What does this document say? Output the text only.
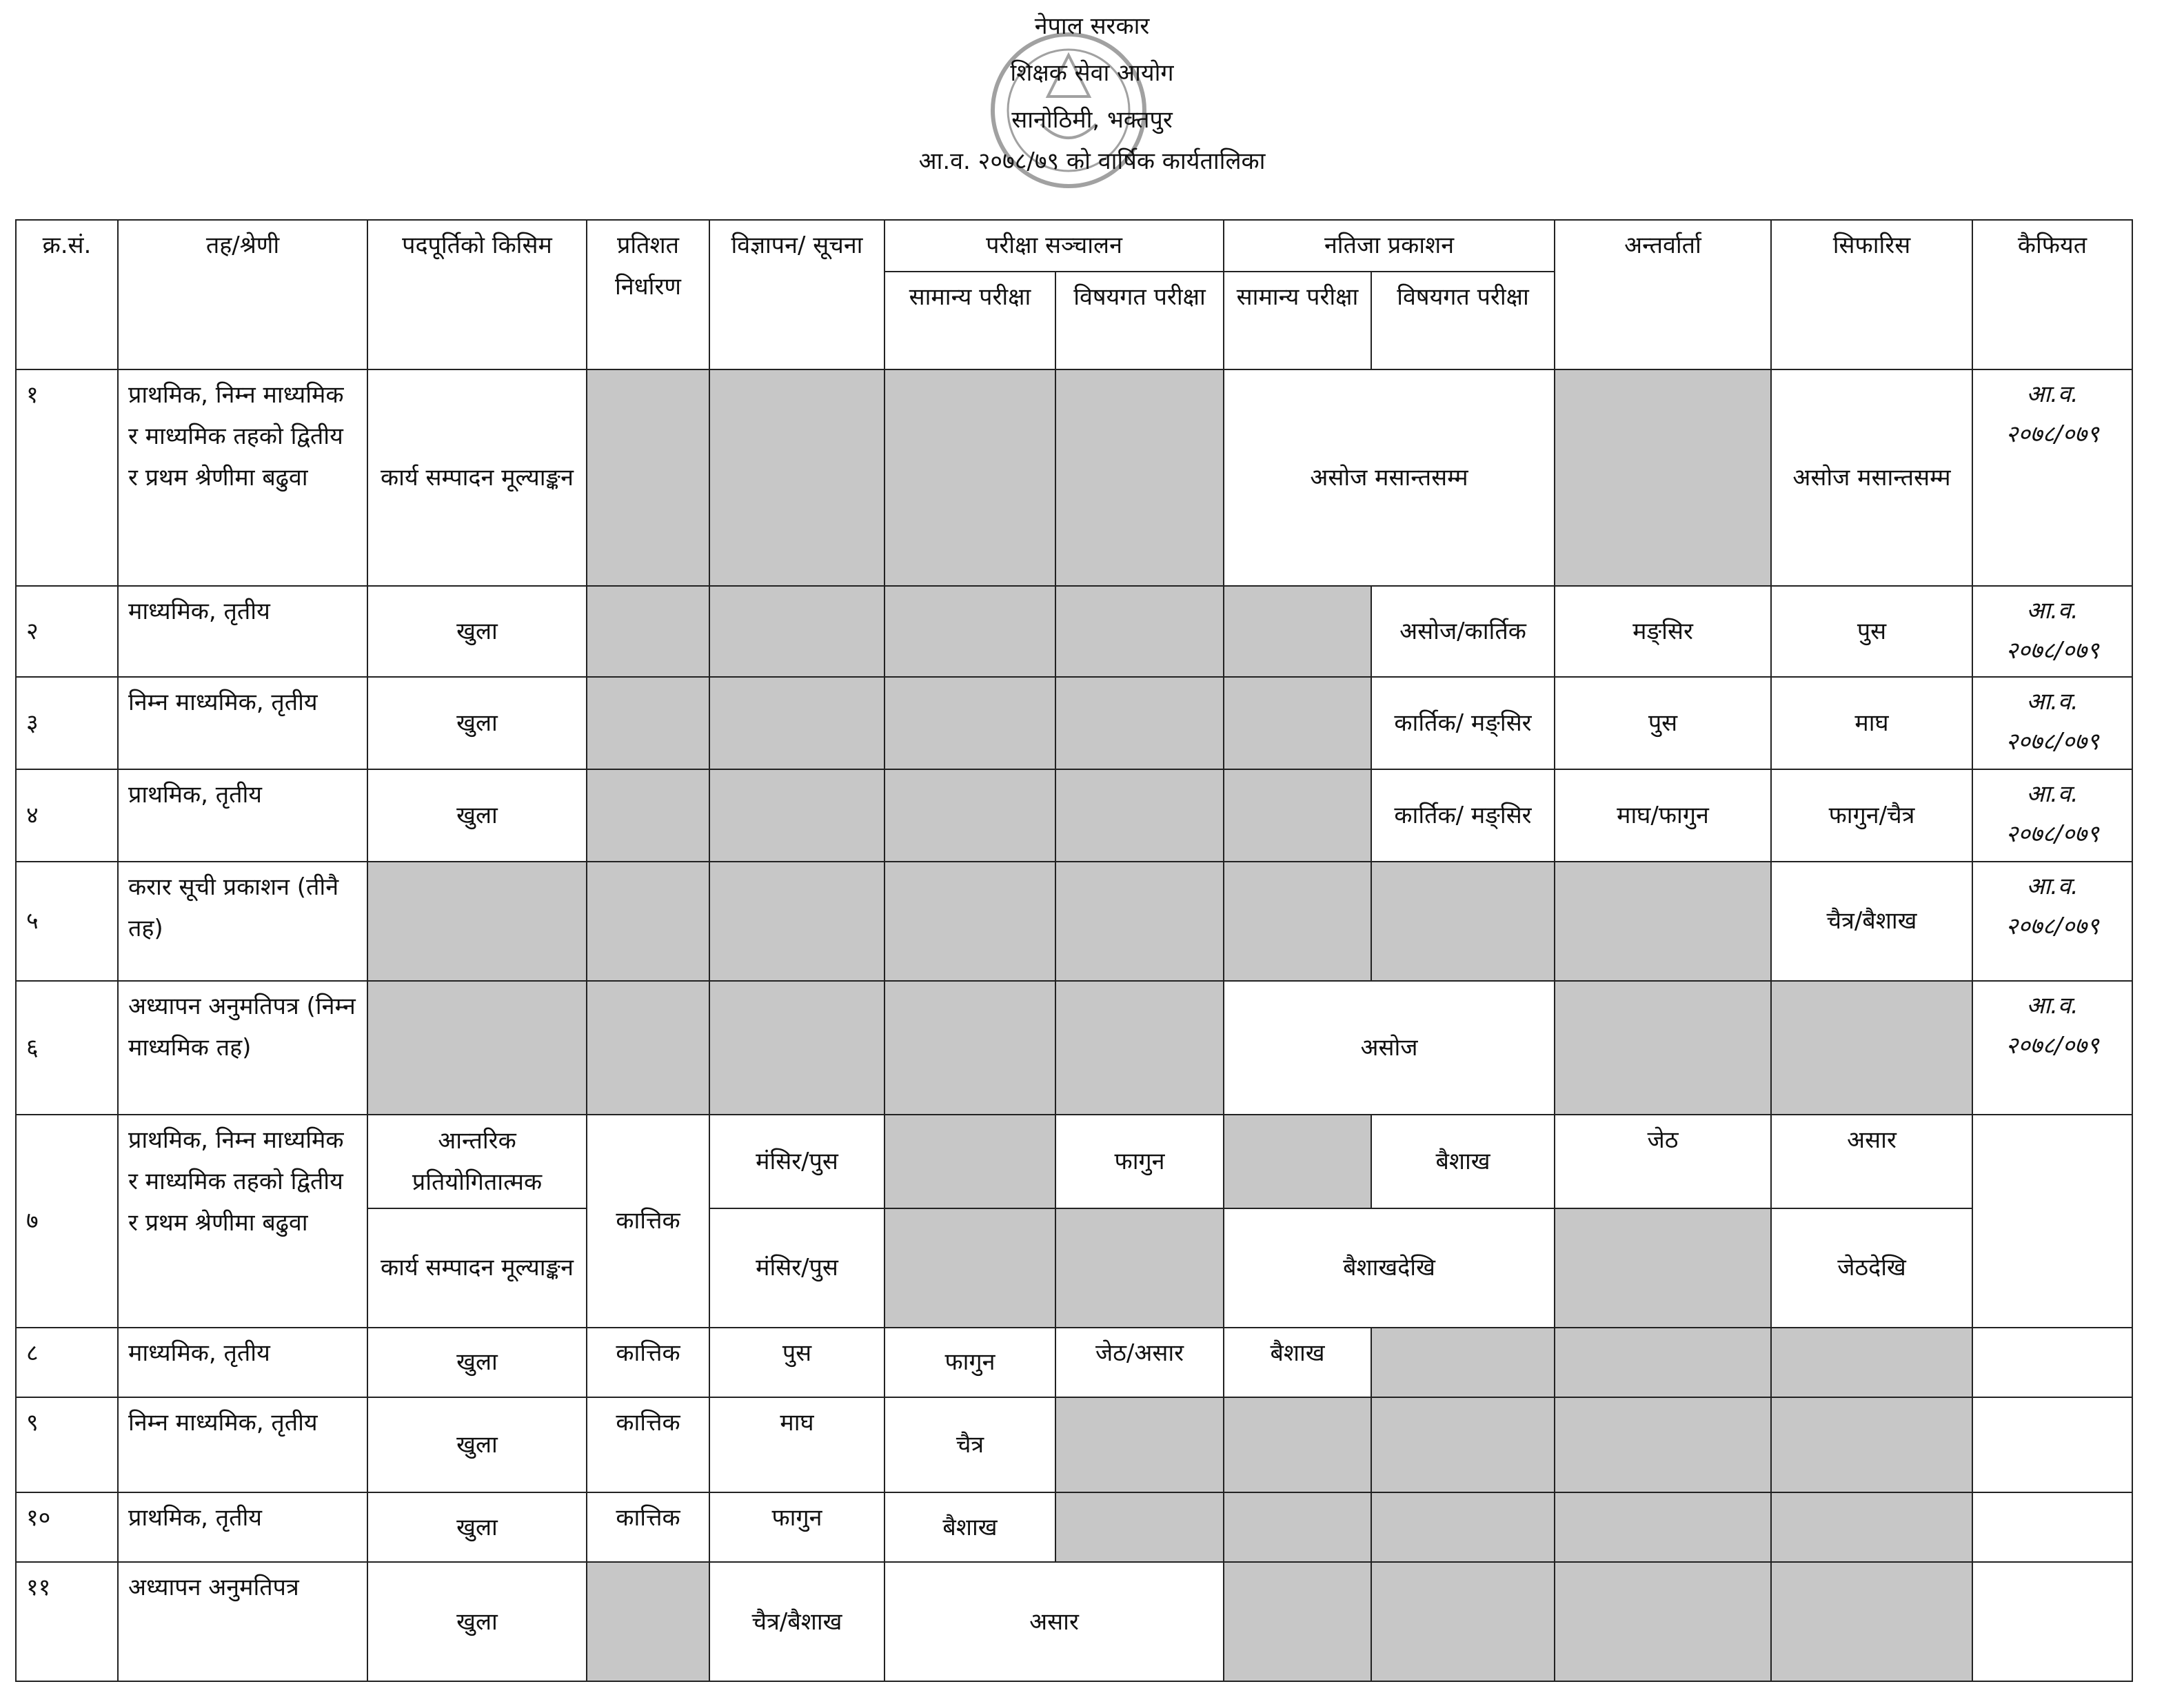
नेपाल सरकार
शिक्षक सेवा आयोग
सानोठिमी, भक्तपुर
आ.व. २०७८/७९ को वार्षिक कार्यतालिका
क्र.सं.	तह/श्रेणी	पदपूर्तिको किसिम	प्रतिशत निर्धारण	विज्ञापन/ सूचना	परीक्षा सञ्चालन		नतिजा प्रकाशन		अन्तर्वार्ता	सिफारिस	कैफियत
					सामान्य परीक्षा	विषयगत परीक्षा	सामान्य परीक्षा	विषयगत परीक्षा			
१	प्राथमिक, निम्न माध्यमिक र माध्यमिक तहको द्वितीय र प्रथम श्रेणीमा बढुवा	कार्य सम्पादन मूल्याङ्कन					असोज मसान्तसम्म			असोज मसान्तसम्म	आ.व. २०७८/०७९
२	माध्यमिक, तृतीय	खुला						असोज/कार्तिक	मङ्सिर	पुस	आ.व. २०७८/०७९
३	निम्न माध्यमिक, तृतीय	खुला						कार्तिक/ मङ्सिर	पुस	माघ	आ.व. २०७८/०७९
४	प्राथमिक, तृतीय	खुला						कार्तिक/ मङ्सिर	माघ/फागुन	फागुन/चैत्र	आ.व. २०७८/०७९
५	करार सूची प्रकाशन (तीनै तह)									चैत्र/बैशाख	आ.व. २०७८/०७९
६	अध्यापन अनुमतिपत्र (निम्न माध्यमिक तह)						असोज				आ.व. २०७८/०७९
७	प्राथमिक, निम्न माध्यमिक र माध्यमिक तहको द्वितीय र प्रथम श्रेणीमा बढुवा	आन्तरिक प्रतियोगितात्मक	कात्तिक	मंसिर/पुस		फागुन		बैशाख	जेठ	असार	
		कार्य सम्पादन मूल्याङ्कन		मंसिर/पुस			बैशाखदेखि			जेठदेखि	
८	माध्यमिक, तृतीय	खुला	कात्तिक	पुस	फागुन	जेठ/असार	बैशाख				
९	निम्न माध्यमिक, तृतीय	खुला	कात्तिक	माघ	चैत्र						
१०	प्राथमिक, तृतीय	खुला	कात्तिक	फागुन	बैशाख						
११	अध्यापन अनुमतिपत्र	खुला		चैत्र/बैशाख	असार						
